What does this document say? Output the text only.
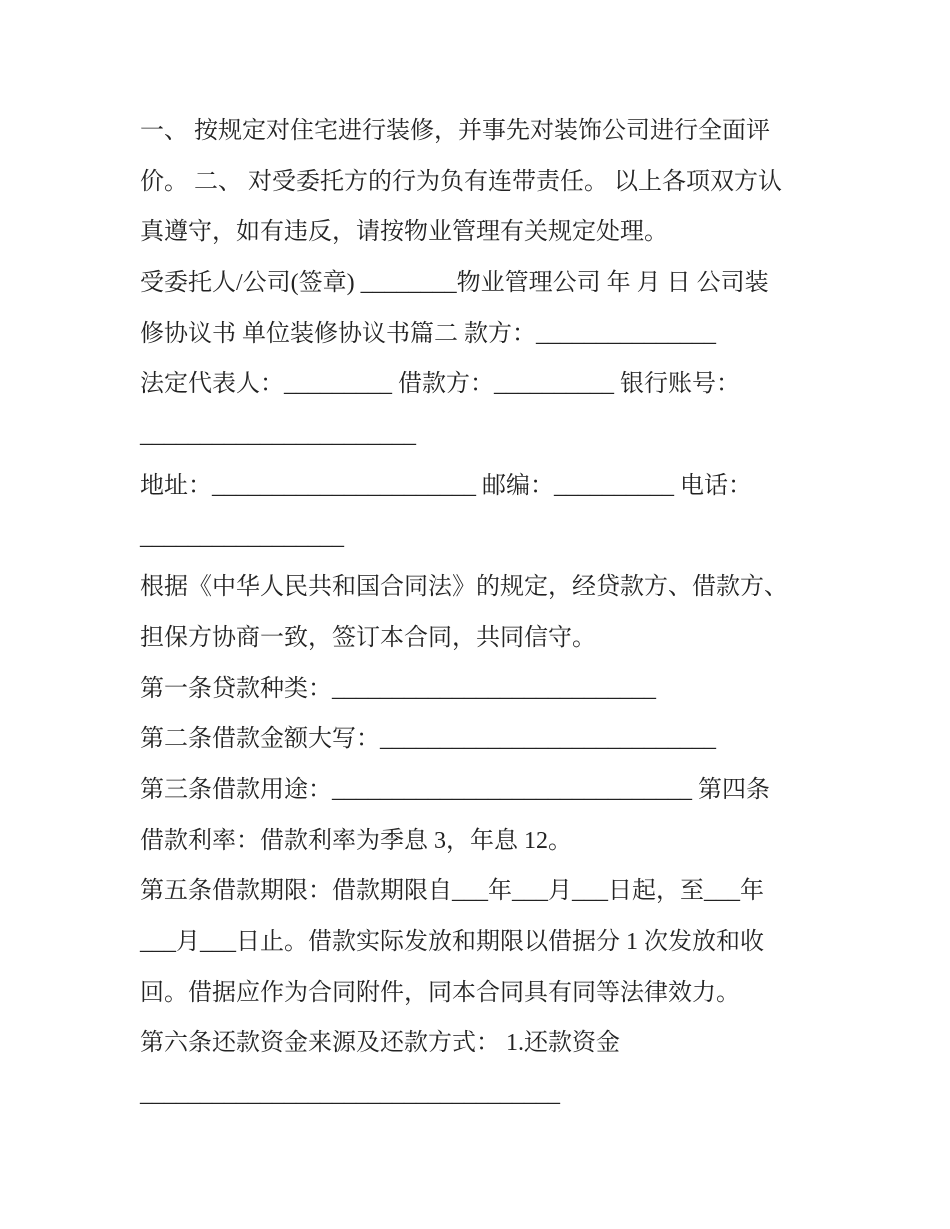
一、 按规定对住宅进行装修，并事先对装饰公司进行全面评
价。 二、 对受委托方的行为负有连带责任。 以上各项双方认
真遵守，如有违反，请按物业管理有关规定处理。
受委托人/公司(签章) ________物业管理公司 年 月 日 公司装
修协议书 单位装修协议书篇二 款方：_______________
法定代表人：_________ 借款方：__________ 银行账号：
_______________________
地址：______________________ 邮编：__________ 电话：
_________________
根据《中华人民共和国合同法》的规定，经贷款方、借款方、
担保方协商一致，签订本合同，共同信守。
第一条贷款种类：___________________________
第二条借款金额大写：____________________________
第三条借款用途：______________________________ 第四条
借款利率：借款利率为季息 3，年息 12。
第五条借款期限：借款期限自___年___月___日起，至___年
___月___日止。借款实际发放和期限以借据分 1 次发放和收
回。借据应作为合同附件，同本合同具有同等法律效力。
第六条还款资金来源及还款方式： 1.还款资金
___________________________________
